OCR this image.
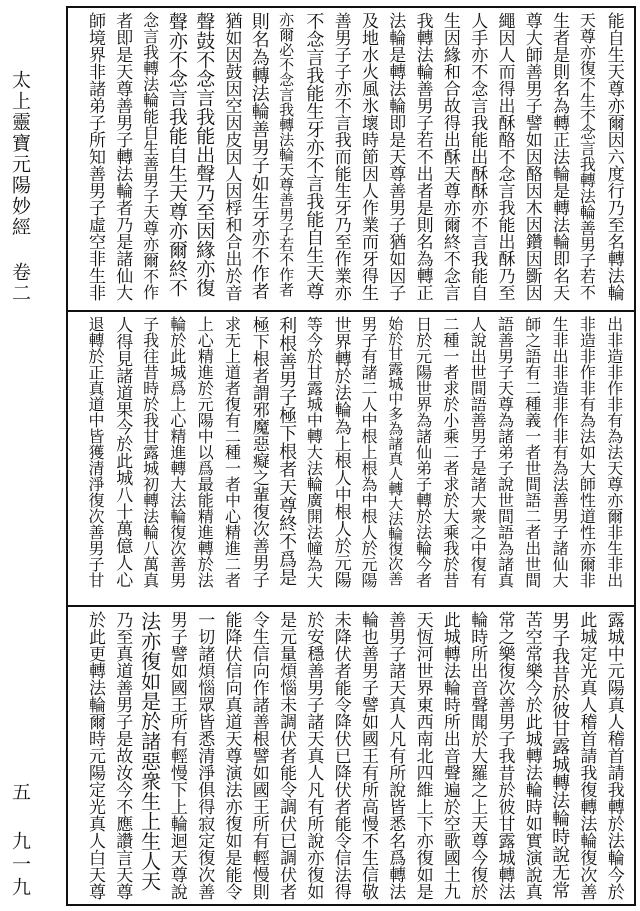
太上靈寶元陽妙經 卷二
五 九一九
能自生天尊亦爾因六度行乃至名轉法輪
天尊亦復不生不念言我轉法輪善男子若不
生者是則名為轉正法輪是轉法輪即名天
尊大師善男子譬如因酪因木因鑽因斵因
繩因人而得出酥酪不念言我能出酥乃至
人手亦不念言我能出酥酥亦不言我能自
生因緣和合故得出酥天尊亦爾終不念言
我轉法輪善男子若不出者是則名為轉正
法輪是轉法輪即是天尊善男子猶如因子
及地水火風氷壞時節因人作業而牙得生
善男子子亦不言我而能生牙乃至作業亦
不念言我能生牙亦不言我能自生天尊
亦爾必不念言我轉法輪天尊善男子若不作者
則名為轉法輪善男子如生牙亦不作者
猶如因鼓因空因皮因人因桴和合出於音
聲鼓不念言我能出聲乃至因緣亦復
聲亦不念言我能自生天尊亦爾終不
念言我轉法輪能自生善男子天尊亦爾不作
者即是天尊善男子轉法輪者乃是諸仙大
師境界非諸弟子所知善男子虛空非生非
出非造非作非有為法天尊亦爾非生非出
非造非作非有為法如大師性道性亦爾非
生非出非造非作非有為法善男子諸仙大
師之語有二種義一者世間語二者出世間
語善男子天尊為諸弟子說世間語為諸真
人說出世間語善男子是諸大衆之中復有
二種一者求於小乘二者求於大乘我於昔
日於元陽世界為諸仙弟子轉於法輪今者
始於甘露城中多為諸真人轉大法輪復次善
男子有諸二人中根上根為中根人於元陽
世界轉於法輪為上根人中根人於元陽
等今於甘露城中轉大法輪廣開法幢為大
利根善男子極下根者天尊終不爲是
極下根者謂邪魔惡癡之輩復次善男子
求无上道者復有二種一者中心精進二者
上心精進於元陽中以爲最能精進轉於法
輪於此城爲上心精進轉大法輪復次善男
子我往昔時於我甘露城初轉法輪八萬真
人得見諸道果今於此城八十萬億人心
退轉於正真道中皆獲清淨復次善男子甘
露城中元陽真人稽首請我轉於法輪今於
此城定光真人稽首請我復轉法輪復次善
男子我昔於彼甘露城轉法輪時說无常
苦空常樂今於此城轉法輪時如實演說真
常之樂復次善男子我昔於彼甘露城轉法
輪時所出音聲聞於大羅之上天尊今復於
此城轉法輪時所出音聲遍於空歌國土九
天恆河世界東西南北四維上下亦復如是
善男子諸天真人凡有所說皆悉名爲轉法
輪也善男子譬如國王有所高慢不生信敬
未降伏者能令降伏已降伏者能令信法得
於安穩善男子諸天真人凡有所說亦復如
是元量煩惱未調伏者能令調伏已調伏者
令生信向作諸善根譬如國王所有輕慢則
能降伏信向真道天尊演法亦復如是能令
一切諸煩惱眾皆悉清淨俱得寂定復次善
男子譬如國王所有輕慢下上輪迴天尊說
法亦復如是於諸惡衆生上生人天
乃至真道善男子是故汝今不應讚言天尊
於此更轉法輪爾時元陽定光真人白天尊
